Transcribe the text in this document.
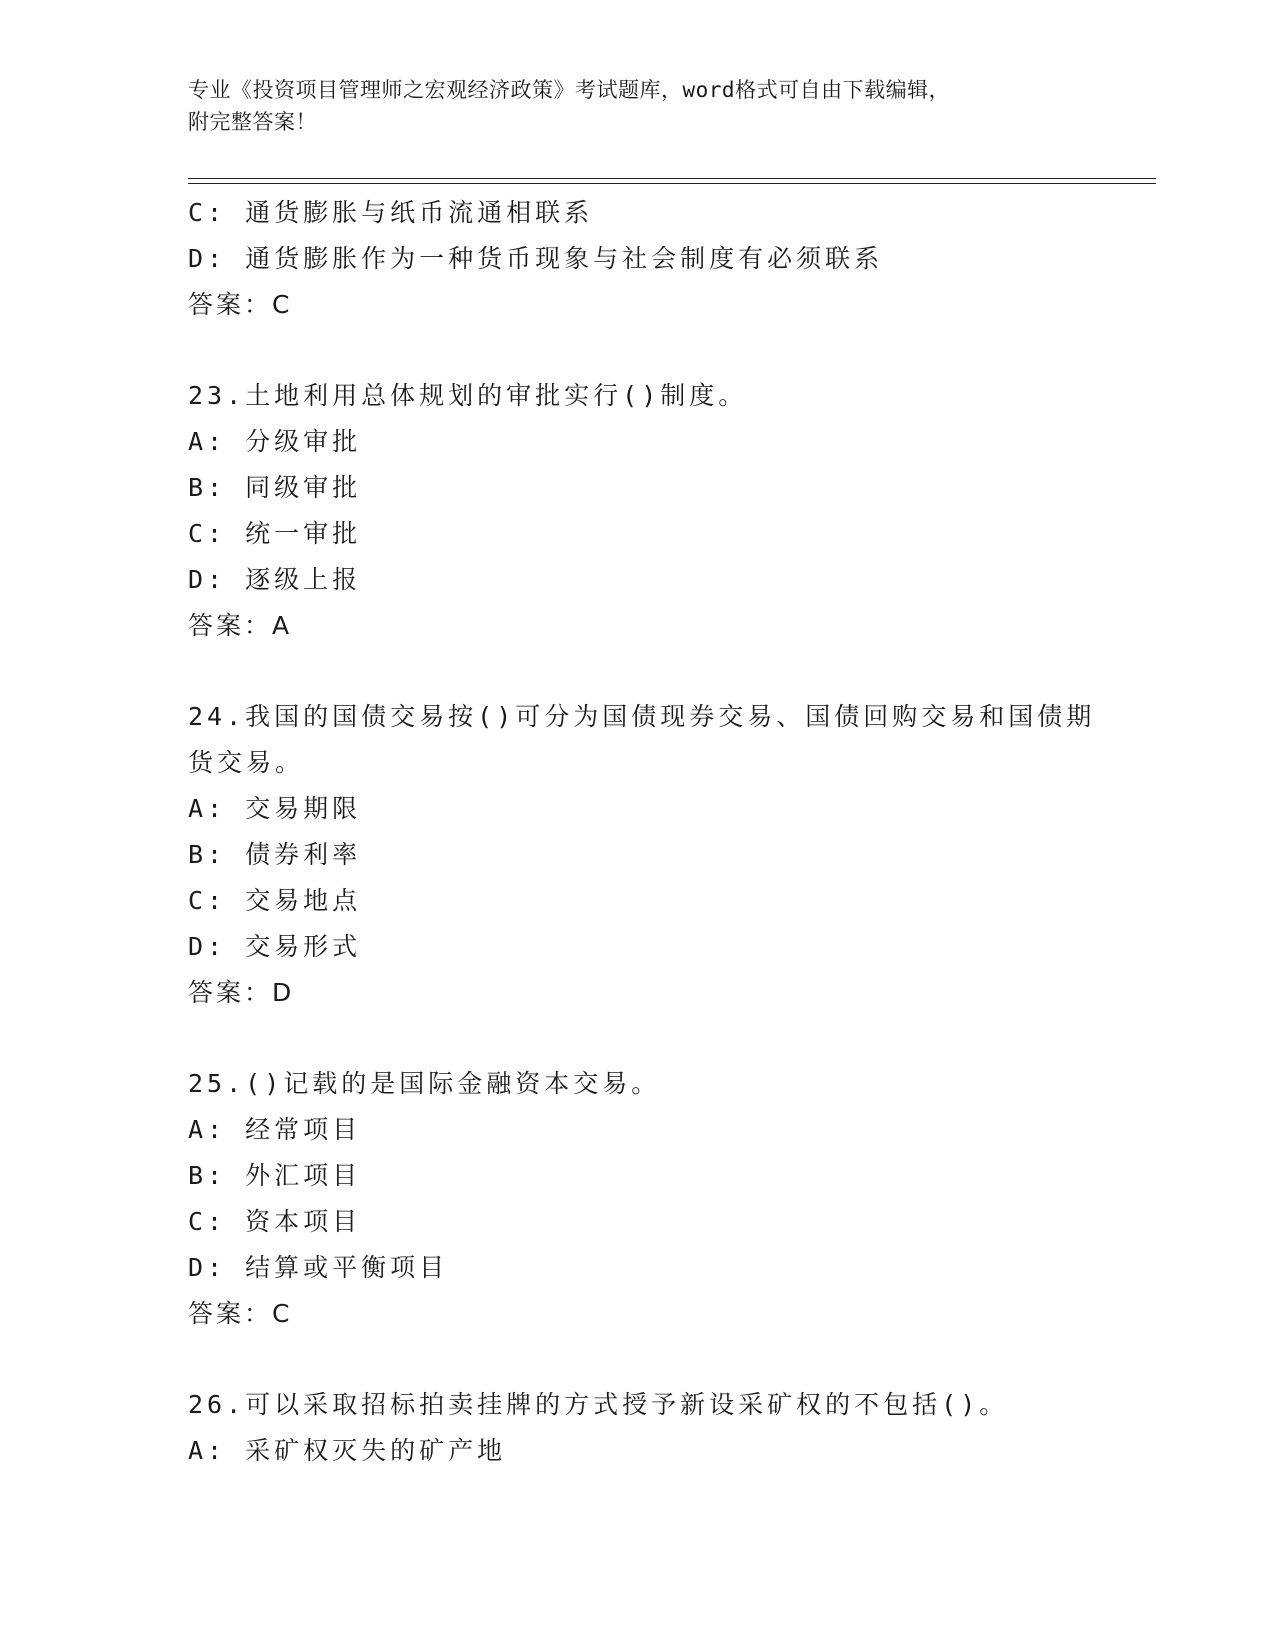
专业《投资项目管理师之宏观经济政策》考试题库，word格式可自由下载编辑，
附完整答案！
C: 通货膨胀与纸币流通相联系
D: 通货膨胀作为一种货币现象与社会制度有必须联系
答案：C
23.土地利用总体规划的审批实行()制度。
A: 分级审批
B: 同级审批
C: 统一审批
D: 逐级上报
答案：A
24.我国的国债交易按()可分为国债现券交易、国债回购交易和国债期
货交易。
A: 交易期限
B: 债券利率
C: 交易地点
D: 交易形式
答案：D
25.()记载的是国际金融资本交易。
A: 经常项目
B: 外汇项目
C: 资本项目
D: 结算或平衡项目
答案：C
26.可以采取招标拍卖挂牌的方式授予新设采矿权的不包括()。
A: 采矿权灭失的矿产地
